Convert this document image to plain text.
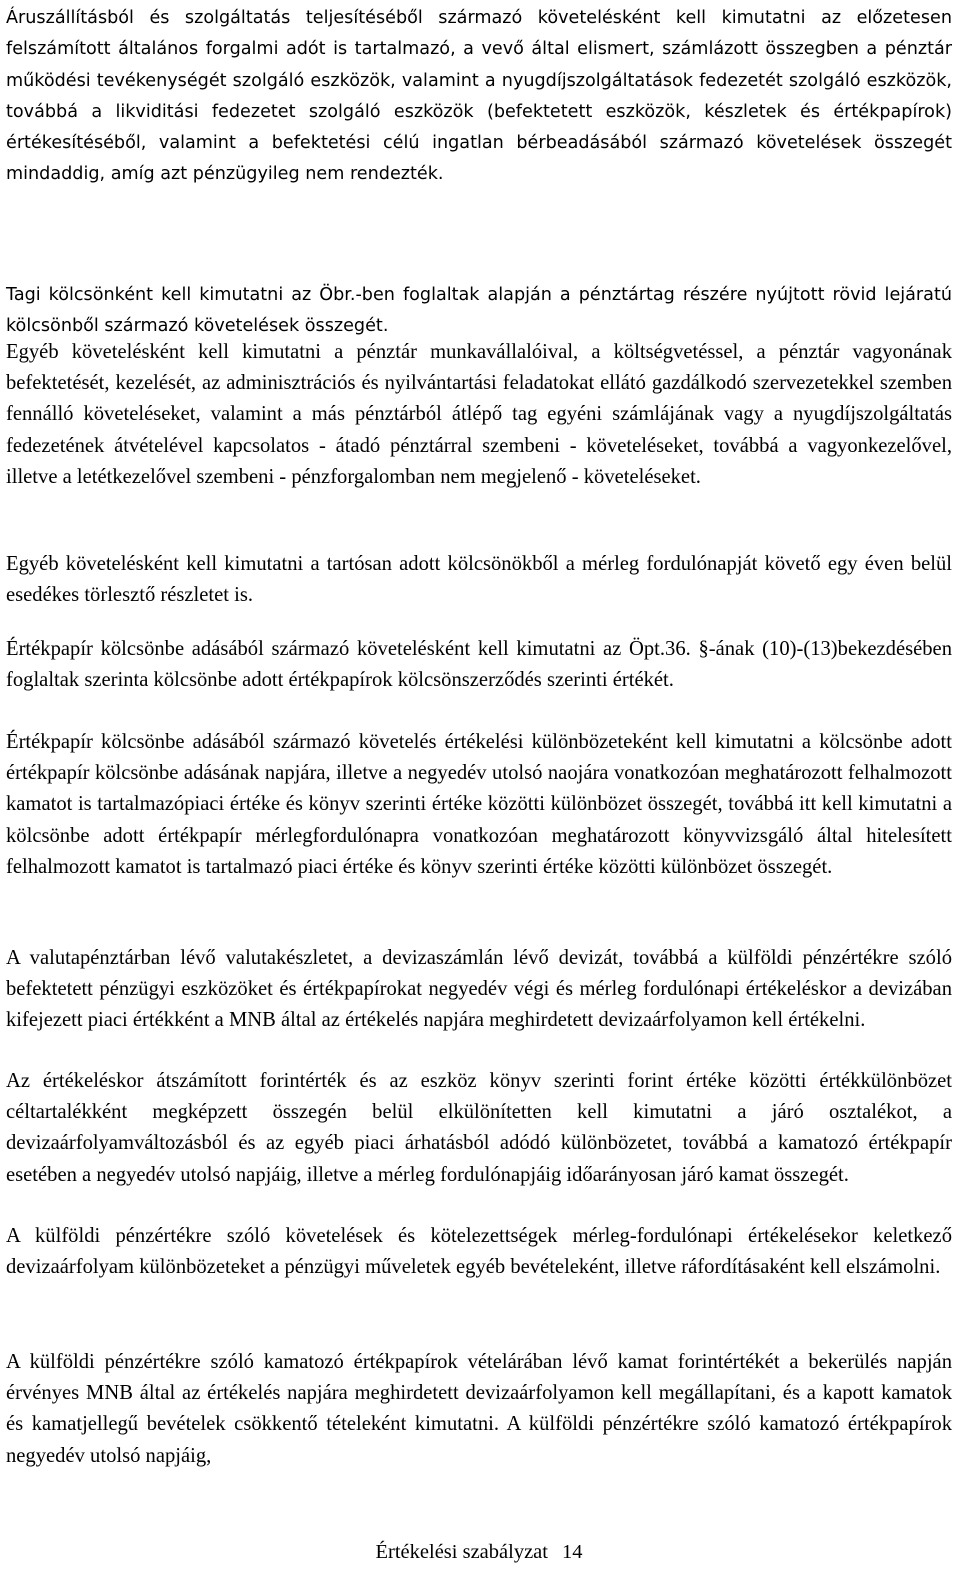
Áruszállításból és szolgáltatás teljesítéséből származó követelésként kell kimutatni az előzetesen felszámított általános forgalmi adót is tartalmazó, a vevő által elismert, számlázott összegben a pénztár működési tevékenységét szolgáló eszközök, valamint a nyugdíjszolgáltatások fedezetét szolgáló eszközök, továbbá a likviditási fedezetet szolgáló eszközök (befektetett eszközök, készletek és értékpapírok) értékesítéséből, valamint a befektetési célú ingatlan bérbeadásából származó követelések összegét mindaddig, amíg azt pénzügyileg nem rendezték.

Tagi kölcsönként kell kimutatni az Öbr.-ben foglaltak alapján a pénztártag részére nyújtott rövid lejáratú kölcsönből származó követelések összegét.

Egyéb követelésként kell kimutatni a pénztár munkavállalóival, a költségvetéssel, a pénztár vagyonának befektetését, kezelését, az adminisztrációs és nyilvántartási feladatokat ellátó gazdálkodó szervezetekkel szemben fennálló követeléseket, valamint a más pénztárból átlépő tag egyéni számlájának vagy a nyugdíjszolgáltatás fedezetének átvételével kapcsolatos - átadó pénztárral szembeni - követeléseket, továbbá a vagyonkezelővel, illetve a letétkezelővel szembeni - pénzforgalomban nem megjelenő - követeléseket.

Egyéb követelésként kell kimutatni a tartósan adott kölcsönökből a mérleg fordulónapját követő egy éven belül esedékes törlesztő részletet is.

Értékpapír kölcsönbe adásából származó követelésként kell kimutatni az Öpt.36. §-ának (10)-(13)bekezdésében foglaltak szerinta kölcsönbe adott értékpapírok kölcsönszerződés szerinti értékét.

Értékpapír kölcsönbe adásából származó követelés értékelési különbözeteként kell kimutatni a kölcsönbe adott értékpapír kölcsönbe adásának napjára, illetve a negyedév utolsó naojára vonatkozóan meghatározott felhalmozott kamatot is tartalmazópiaci értéke és könyv szerinti értéke közötti különbözet összegét, továbbá itt kell kimutatni a kölcsönbe adott értékpapír mérlegfordulónapra vonatkozóan meghatározott könyvvizsgáló által hitelesített felhalmozott kamatot is tartalmazó piaci értéke és könyv szerinti értéke közötti különbözet összegét.

A valutapénztárban lévő valutakészletet, a devizaszámlán lévő devizát, továbbá a külföldi pénzértékre szóló befektetett pénzügyi eszközöket és értékpapírokat negyedév végi és mérleg fordulónapi értékeléskor a devizában kifejezett piaci értékként a MNB által az értékelés napjára meghirdetett devizaárfolyamon kell értékelni.

Az értékeléskor átszámított forintérték és az eszköz könyv szerinti forint értéke közötti értékkülönbözet céltartalékként megképzett összegén belül elkülönítetten kell kimutatni a járó osztalékot, a devizaárfolyamváltozásból és az egyéb piaci árhatásból adódó különbözetet, továbbá a kamatozó értékpapír esetében a negyedév utolsó napjáig, illetve a mérleg fordulónapjáig időarányosan járó kamat összegét.

A külföldi pénzértékre szóló követelések és kötelezettségek mérleg-fordulónapi értékelésekor keletkező devizaárfolyam különbözeteket a pénzügyi műveletek egyéb bevételeként, illetve ráfordításaként kell elszámolni.

A külföldi pénzértékre szóló kamatozó értékpapírok vételárában lévő kamat forintértékét a bekerülés napján érvényes MNB által az értékelés napjára meghirdetett devizaárfolyamon kell megállapítani, és a kapott kamatok és kamatjellegű bevételek csökkentő tételeként kimutatni. A külföldi pénzértékre szóló kamatozó értékpapírok negyedév utolsó napjáig,

Értékelési szabályzat 14
